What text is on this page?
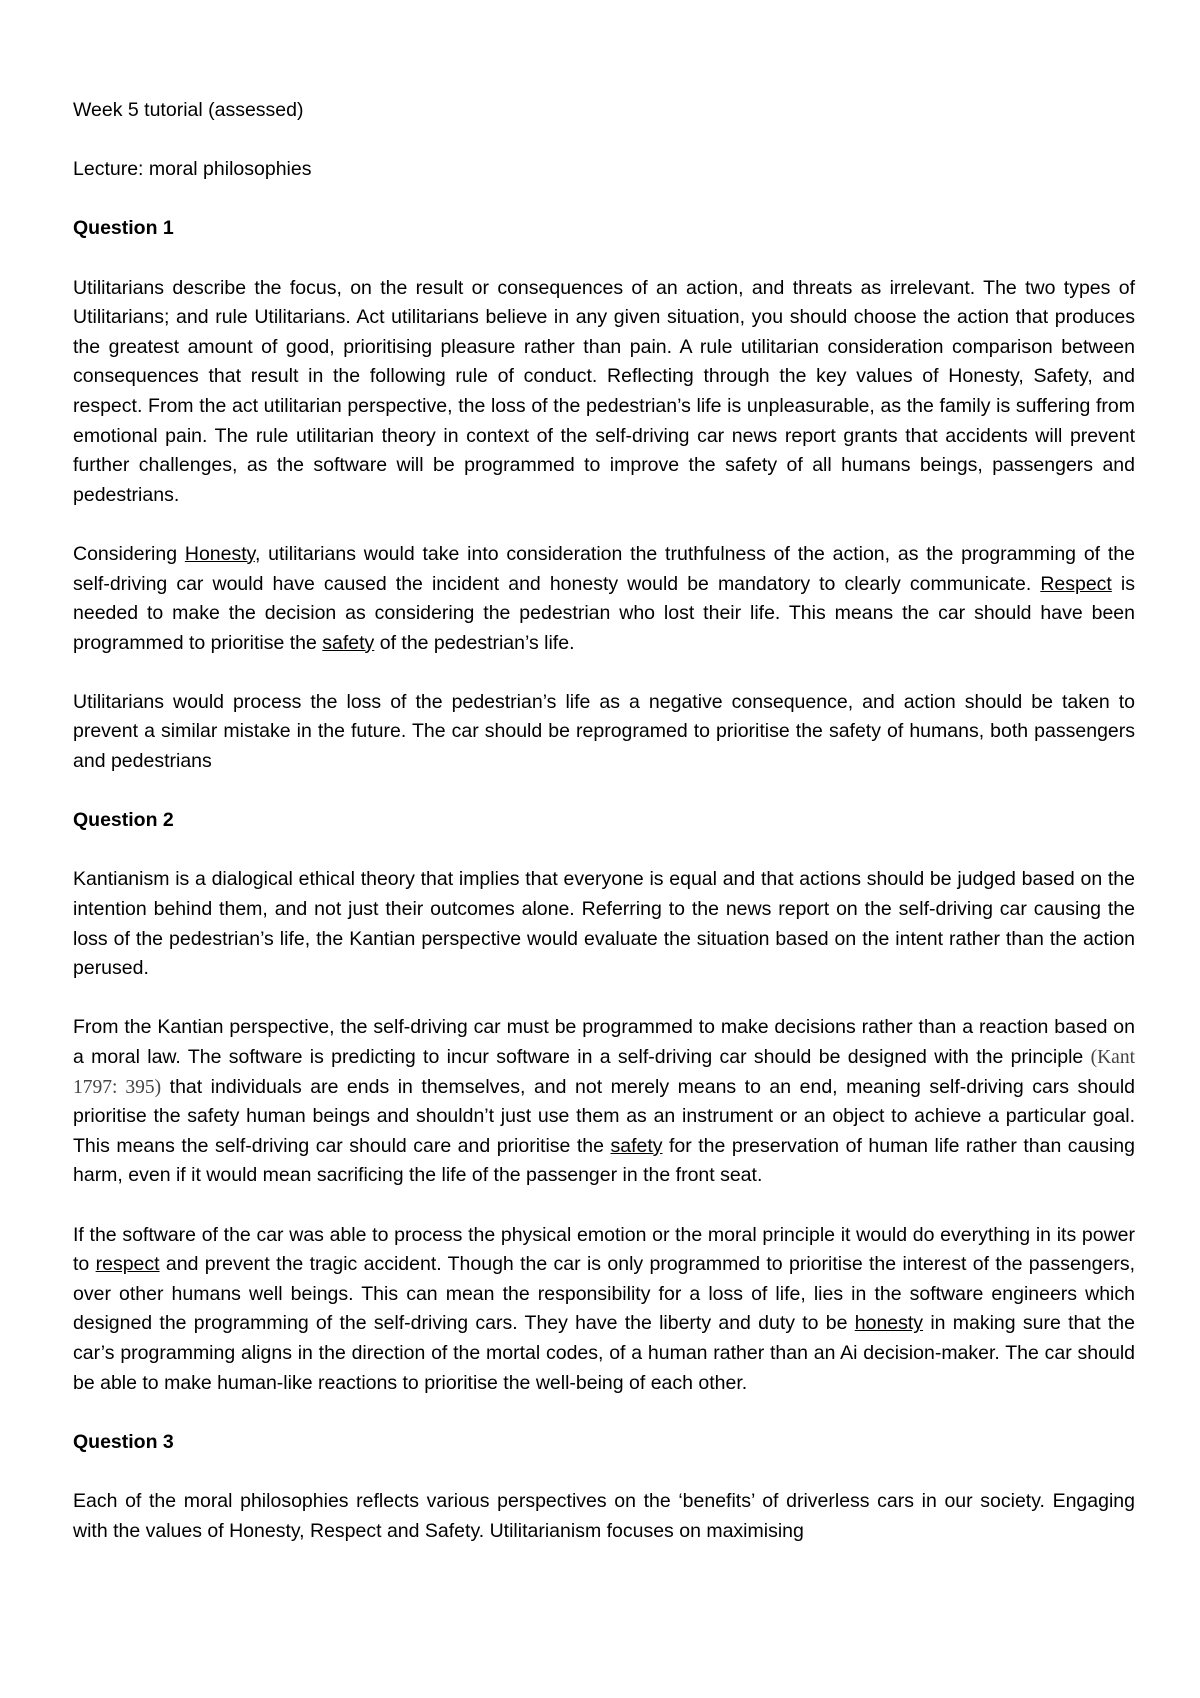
Week 5 tutorial (assessed)

Lecture: moral philosophies

Question 1

Utilitarians describe the focus, on the result or consequences of an action, and threats as irrelevant. The two types of Utilitarians; and rule Utilitarians. Act utilitarians believe in any given situation, you should choose the action that produces the greatest amount of good, prioritising pleasure rather than pain. A rule utilitarian consideration comparison between consequences that result in the following rule of conduct. Reflecting through the key values of Honesty, Safety, and respect. From the act utilitarian perspective, the loss of the pedestrian’s life is unpleasurable, as the family is suffering from emotional pain. The rule utilitarian theory in context of the self-driving car news report grants that accidents will prevent further challenges, as the software will be programmed to improve the safety of all humans beings, passengers and pedestrians.

Considering Honesty, utilitarians would take into consideration the truthfulness of the action, as the programming of the self-driving car would have caused the incident and honesty would be mandatory to clearly communicate. Respect is needed to make the decision as considering the pedestrian who lost their life. This means the car should have been programmed to prioritise the safety of the pedestrian’s life.

Utilitarians would process the loss of the pedestrian’s life as a negative consequence, and action should be taken to prevent a similar mistake in the future. The car should be reprogramed to prioritise the safety of humans, both passengers and pedestrians

Question 2

Kantianism is a dialogical ethical theory that implies that everyone is equal and that actions should be judged based on the intention behind them, and not just their outcomes alone. Referring to the news report on the self-driving car causing the loss of the pedestrian’s life, the Kantian perspective would evaluate the situation based on the intent rather than the action perused.

From the Kantian perspective, the self-driving car must be programmed to make decisions rather than a reaction based on a moral law. The software is predicting to incur software in a self-driving car should be designed with the principle (Kant 1797: 395) that individuals are ends in themselves, and not merely means to an end, meaning self-driving cars should prioritise the safety human beings and shouldn’t just use them as an instrument or an object to achieve a particular goal. This means the self-driving car should care and prioritise the safety for the preservation of human life rather than causing harm, even if it would mean sacrificing the life of the passenger in the front seat.

If the software of the car was able to process the physical emotion or the moral principle it would do everything in its power to respect and prevent the tragic accident. Though the car is only programmed to prioritise the interest of the passengers, over other humans well beings. This can mean the responsibility for a loss of life, lies in the software engineers which designed the programming of the self-driving cars. They have the liberty and duty to be honesty in making sure that the car’s programming aligns in the direction of the mortal codes, of a human rather than an Ai decision-maker. The car should be able to make human-like reactions to prioritise the well-being of each other.

Question 3

Each of the moral philosophies reflects various perspectives on the ‘benefits’ of driverless cars in our society. Engaging with the values of Honesty, Respect and Safety. Utilitarianism focuses on maximising
